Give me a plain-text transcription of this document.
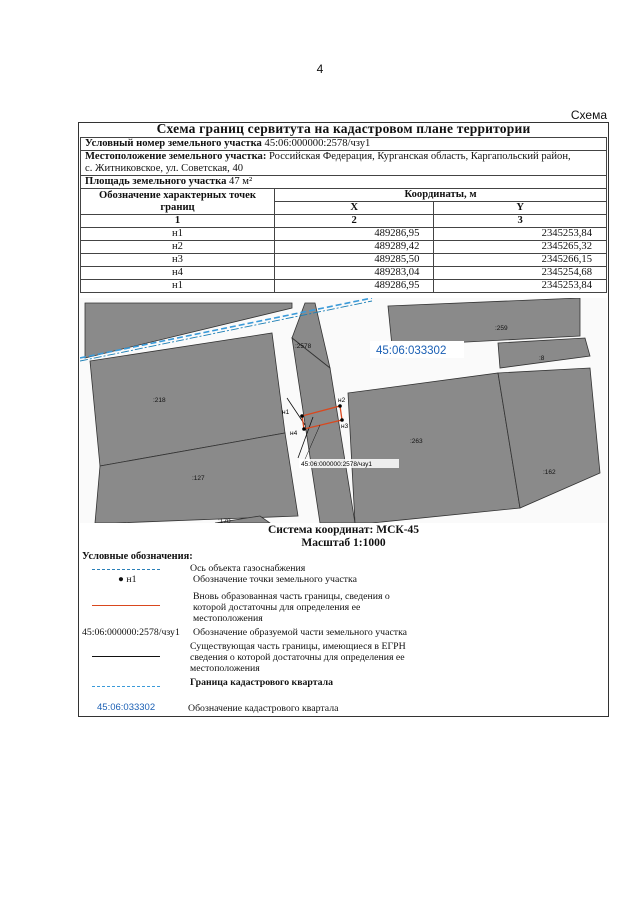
4
Схема
Схема границ сервитута на кадастровом плане территории
Условный номер земельного участка 45:06:000000:2578/чзу1		
Местоположение земельного участка: Российская Федерация, Курганская область, Каргапольский район,
с. Житниковское, ул. Советская, 40		
Площадь земельного участка 47 м²		
Обозначение характерных точек границ	Координаты, м	
	X	Y
1	2	3
н1	489286,95	2345253,84
н2	489289,42	2345265,32
н3	489285,50	2345266,15
н4	489283,04	2345254,68
н1	489286,95	2345253,84
н1
н2
н3
н4
45:06:000000:2578/чзу1
45:06:033302
:2578
:259
:8
:218
:263
:127
:162
:170
Система координат: МСК-45
Масштаб 1:1000
Условные обозначения:
Ось объекта газоснабжения
● н1	Обозначение точки земельного участка
Вновь образованная часть границы, сведения о которой достаточны для определения ее местоположения
45:06:000000:2578/чзу1 Обозначение образуемой части земельного участка
Существующая часть границы, имеющиеся в ЕГРН сведения о которой достаточны для определения ее местоположения
Граница кадастрового квартала
45:06:033302	Обозначение кадастрового квартала
